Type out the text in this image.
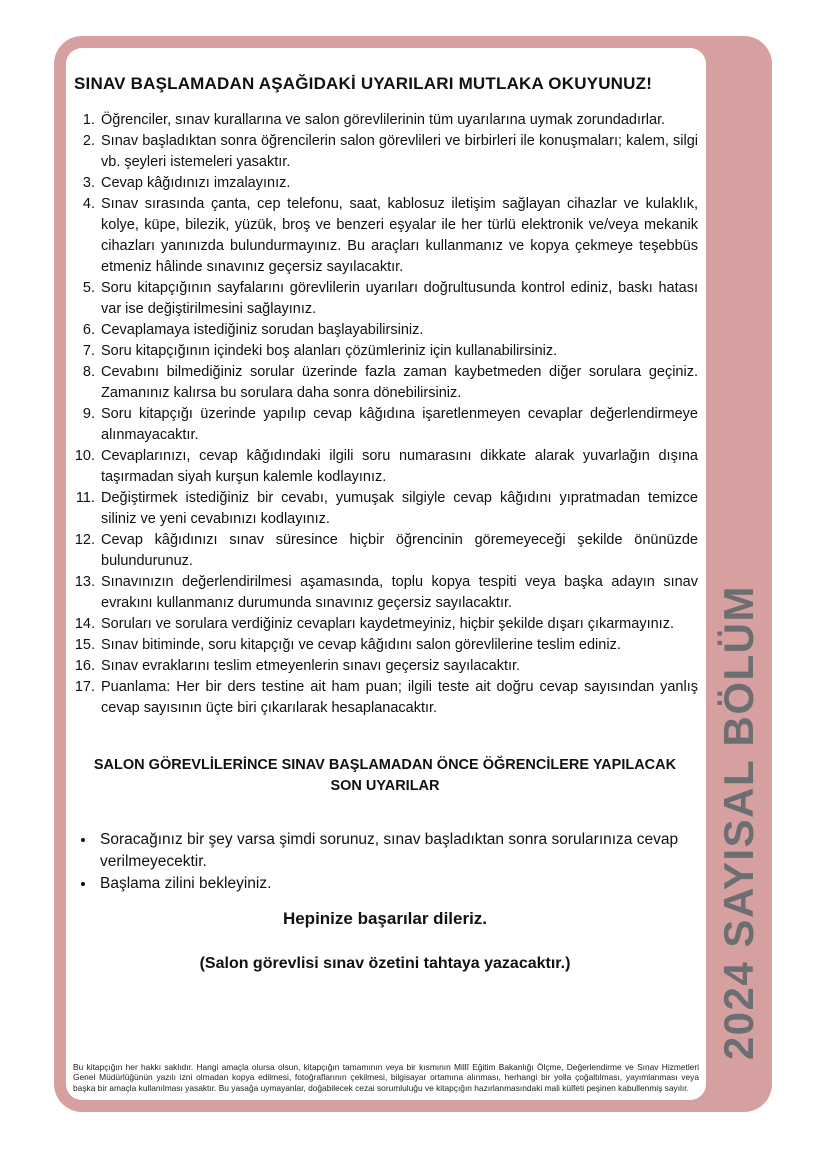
SINAV BAŞLAMADAN AŞAĞIDAKİ UYARILARI MUTLAKA OKUYUNUZ!
1. Öğrenciler, sınav kurallarına ve salon görevlilerinin tüm uyarılarına uymak zorundadırlar.
2. Sınav başladıktan sonra öğrencilerin salon görevlileri ve birbirleri ile konuşmaları; kalem, silgi vb. şeyleri istemeleri yasaktır.
3. Cevap kâğıdınızı imzalayınız.
4. Sınav sırasında çanta, cep telefonu, saat, kablosuz iletişim sağlayan cihazlar ve kulaklık, kolye, küpe, bilezik, yüzük, broş ve benzeri eşyalar ile her türlü elektronik ve/veya mekanik cihazları yanınızda bulundurmayınız. Bu araçları kullanmanız ve kopya çekmeye teşebbüs etmeniz hâlinde sınavınız geçersiz sayılacaktır.
5. Soru kitapçığının sayfalarını görevlilerin uyarıları doğrultusunda kontrol ediniz, baskı hatası var ise değiştirilmesini sağlayınız.
6. Cevaplamaya istediğiniz sorudan başlayabilirsiniz.
7. Soru kitapçığının içindeki boş alanları çözümleriniz için kullanabilirsiniz.
8. Cevabını bilmediğiniz sorular üzerinde fazla zaman kaybetmeden diğer sorulara geçiniz. Zamanınız kalırsa bu sorulara daha sonra dönebilirsiniz.
9. Soru kitapçığı üzerinde yapılıp cevap kâğıdına işaretlenmeyen cevaplar değerlendirmeye alınmayacaktır.
10. Cevaplarınızı, cevap kâğıdındaki ilgili soru numarasını dikkate alarak yuvarlağın dışına taşırmadan siyah kurşun kalemle kodlayınız.
11. Değiştirmek istediğiniz bir cevabı, yumuşak silgiyle cevap kâğıdını yıpratmadan temizce siliniz ve yeni cevabınızı kodlayınız.
12. Cevap kâğıdınızı sınav süresince hiçbir öğrencinin göremeyeceği şekilde önünüzde bulundurunuz.
13. Sınavınızın değerlendirilmesi aşamasında, toplu kopya tespiti veya başka adayın sınav evrakını kullanmanız durumunda sınavınız geçersiz sayılacaktır.
14. Soruları ve sorulara verdiğiniz cevapları kaydetmeyiniz, hiçbir şekilde dışarı çıkarmayınız.
15. Sınav bitiminde, soru kitapçığı ve cevap kâğıdını salon görevlilerine teslim ediniz.
16. Sınav evraklarını teslim etmeyenlerin sınavı geçersiz sayılacaktır.
17. Puanlama: Her bir ders testine ait ham puan; ilgili teste ait doğru cevap sayısından yanlış cevap sayısının üçte biri çıkarılarak hesaplanacaktır.
SALON GÖREVLİLERİNCE SINAV BAŞLAMADAN ÖNCE ÖĞRENCİLERE YAPILACAK SON UYARILAR
• Soracağınız bir şey varsa şimdi sorunuz, sınav başladıktan sonra sorularınıza cevap verilmeyecektir.
• Başlama zilini bekleyiniz.
Hepinize başarılar dileriz.
(Salon görevlisi sınav özetini tahtaya yazacaktır.)
Bu kitapçığın her hakkı saklıdır. Hangi amaçla olursa olsun, kitapçığın tamamının veya bir kısmının Millî Eğitim Bakanlığı Ölçme, Değerlendirme ve Sınav Hizmetleri Genel Müdürlüğünün yazılı izni olmadan kopya edilmesi, fotoğraflarının çekilmesi, bilgisayar ortamına alınması, herhangi bir yolla çoğaltılması, yayımlanması veya başka bir amaçla kullanılması yasaktır. Bu yasağa uymayanlar, doğabilecek cezai sorumluluğu ve kitapçığın hazırlanmasındaki mali külfeti peşinen kabullenmiş sayılır.
2024 SAYISAL BÖLÜM
